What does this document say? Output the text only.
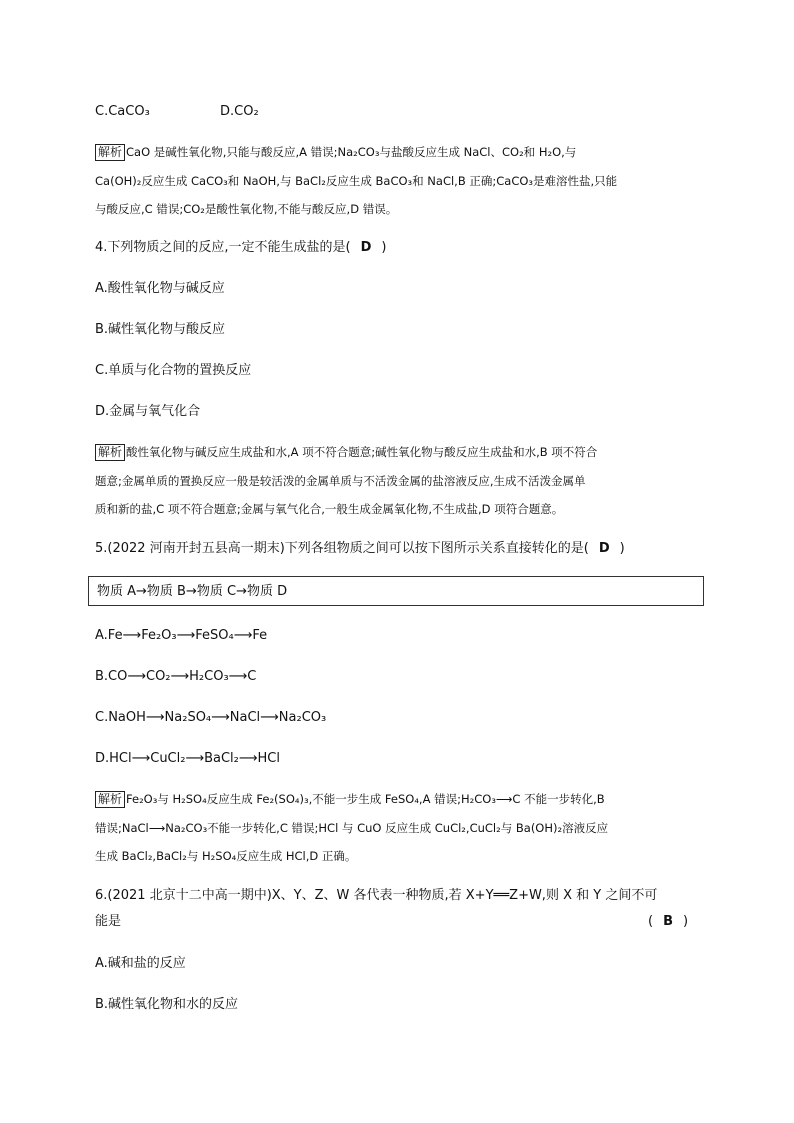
C.CaCO₃	D.CO₂
解析 CaO 是碱性氧化物,只能与酸反应,A 错误;Na₂CO₃与盐酸反应生成 NaCl、CO₂和 H₂O,与
Ca(OH)₂反应生成 CaCO₃和 NaOH,与 BaCl₂反应生成 BaCO₃和 NaCl,B 正确;CaCO₃是难溶性盐,只能
与酸反应,C 错误;CO₂是酸性氧化物,不能与酸反应,D 错误。
4.下列物质之间的反应,一定不能生成盐的是( D )
A.酸性氧化物与碱反应
B.碱性氧化物与酸反应
C.单质与化合物的置换反应
D.金属与氧气化合
解析 酸性氧化物与碱反应生成盐和水,A 项不符合题意;碱性氧化物与酸反应生成盐和水,B 项不符合
题意;金属单质的置换反应一般是较活泼的金属单质与不活泼金属的盐溶液反应,生成不活泼金属单
质和新的盐,C 项不符合题意;金属与氧气化合,一般生成金属氧化物,不生成盐,D 项符合题意。
5.(2022 河南开封五县高一期末)下列各组物质之间可以按下图所示关系直接转化的是( D )
物质 A→物质 B→物质 C→物质 D
A.Fe⟶Fe₂O₃⟶FeSO₄⟶Fe
B.CO⟶CO₂⟶H₂CO₃⟶C
C.NaOH⟶Na₂SO₄⟶NaCl⟶Na₂CO₃
D.HCl⟶CuCl₂⟶BaCl₂⟶HCl
解析 Fe₂O₃与 H₂SO₄反应生成 Fe₂(SO₄)₃,不能一步生成 FeSO₄,A 错误;H₂CO₃⟶C 不能一步转化,B
错误;NaCl⟶Na₂CO₃不能一步转化,C 错误;HCl 与 CuO 反应生成 CuCl₂,CuCl₂与 Ba(OH)₂溶液反应
生成 BaCl₂,BaCl₂与 H₂SO₄反应生成 HCl,D 正确。
6.(2021 北京十二中高一期中)X、Y、Z、W 各代表一种物质,若 X+Y══Z+W,则 X 和 Y 之间不可
能是	( B )
A.碱和盐的反应
B.碱性氧化物和水的反应
